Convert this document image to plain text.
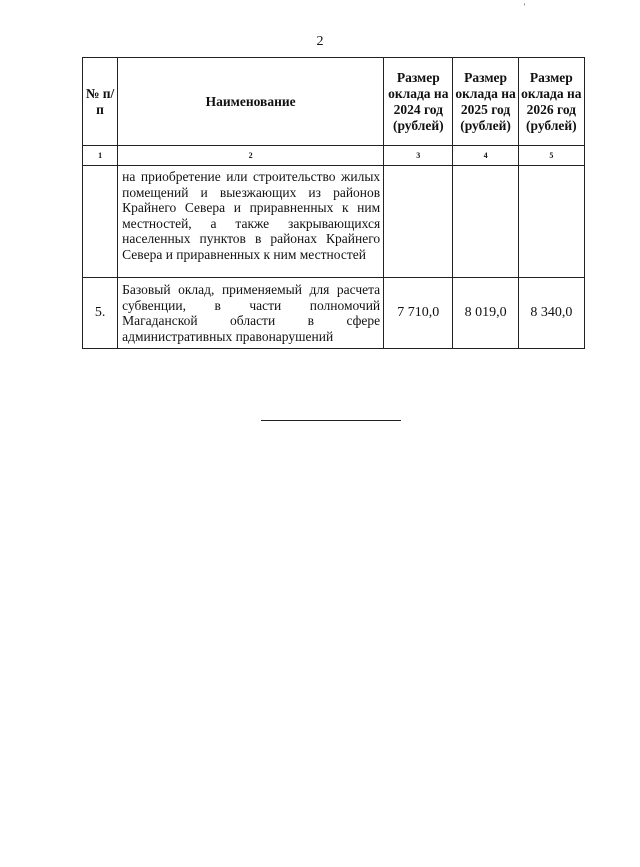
´
2
№ п/п	Наименование	Размер оклада на 2024 год (рублей)	Размер оклада на 2025 год (рублей)	Размер оклада на 2026 год (рублей)
1	2	3	4	5
	на приобретение или строительство жилых помещений и выезжающих из районов Крайнего Севера и приравненных к ним местностей, а также закрывающихся населенных пунктов в районах Крайнего Севера и приравненных к ним местностей			
5.	Базовый оклад, применяемый для расчета субвенции, в части полномочий Магаданской области в сфере административных правонарушений	7 710,0	8 019,0	8 340,0
